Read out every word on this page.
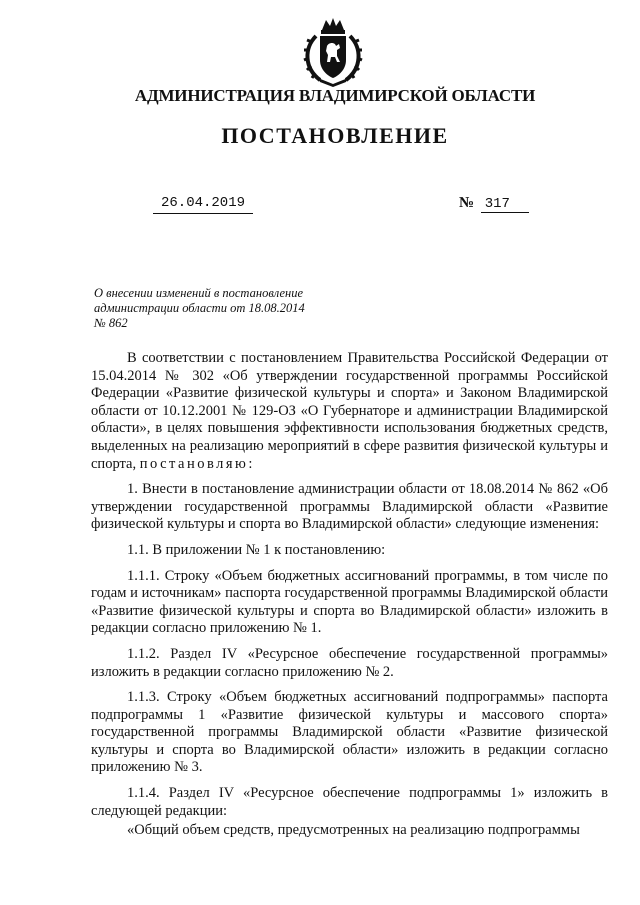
АДМИНИСТРАЦИЯ ВЛАДИМИРСКОЙ ОБЛАСТИ
ПОСТАНОВЛЕНИЕ
26.04.2019	№ 317
О внесении изменений в постановление
администрации области от 18.08.2014
№ 862

В соответствии с постановлением Правительства Российской Федерации от 15.04.2014 № 302 «Об утверждении государственной программы Российской Федерации «Развитие физической культуры и спорта» и Законом Владимирской области от 10.12.2001 № 129-ОЗ «О Губернаторе и администрации Владимирской области», в целях повышения эффективности использования бюджетных средств, выделенных на реализацию мероприятий в сфере развития физической культуры и спорта, постановляю:

1. Внести в постановление администрации области от 18.08.2014 № 862 «Об утверждении государственной программы Владимирской области «Развитие физической культуры и спорта во Владимирской области» следующие изменения:

1.1. В приложении № 1 к постановлению:

1.1.1. Строку «Объем бюджетных ассигнований программы, в том числе по годам и источникам» паспорта государственной программы Владимирской области «Развитие физической культуры и спорта во Владимирской области» изложить в редакции согласно приложению № 1.

1.1.2. Раздел IV «Ресурсное обеспечение государственной программы» изложить в редакции согласно приложению № 2.

1.1.3. Строку «Объем бюджетных ассигнований подпрограммы» паспорта подпрограммы 1 «Развитие физической культуры и массового спорта» государственной программы Владимирской области «Развитие физической культуры и спорта во Владимирской области» изложить в редакции согласно приложению № 3.

1.1.4. Раздел IV «Ресурсное обеспечение подпрограммы 1» изложить в следующей редакции:

«Общий объем средств, предусмотренных на реализацию подпрограммы
